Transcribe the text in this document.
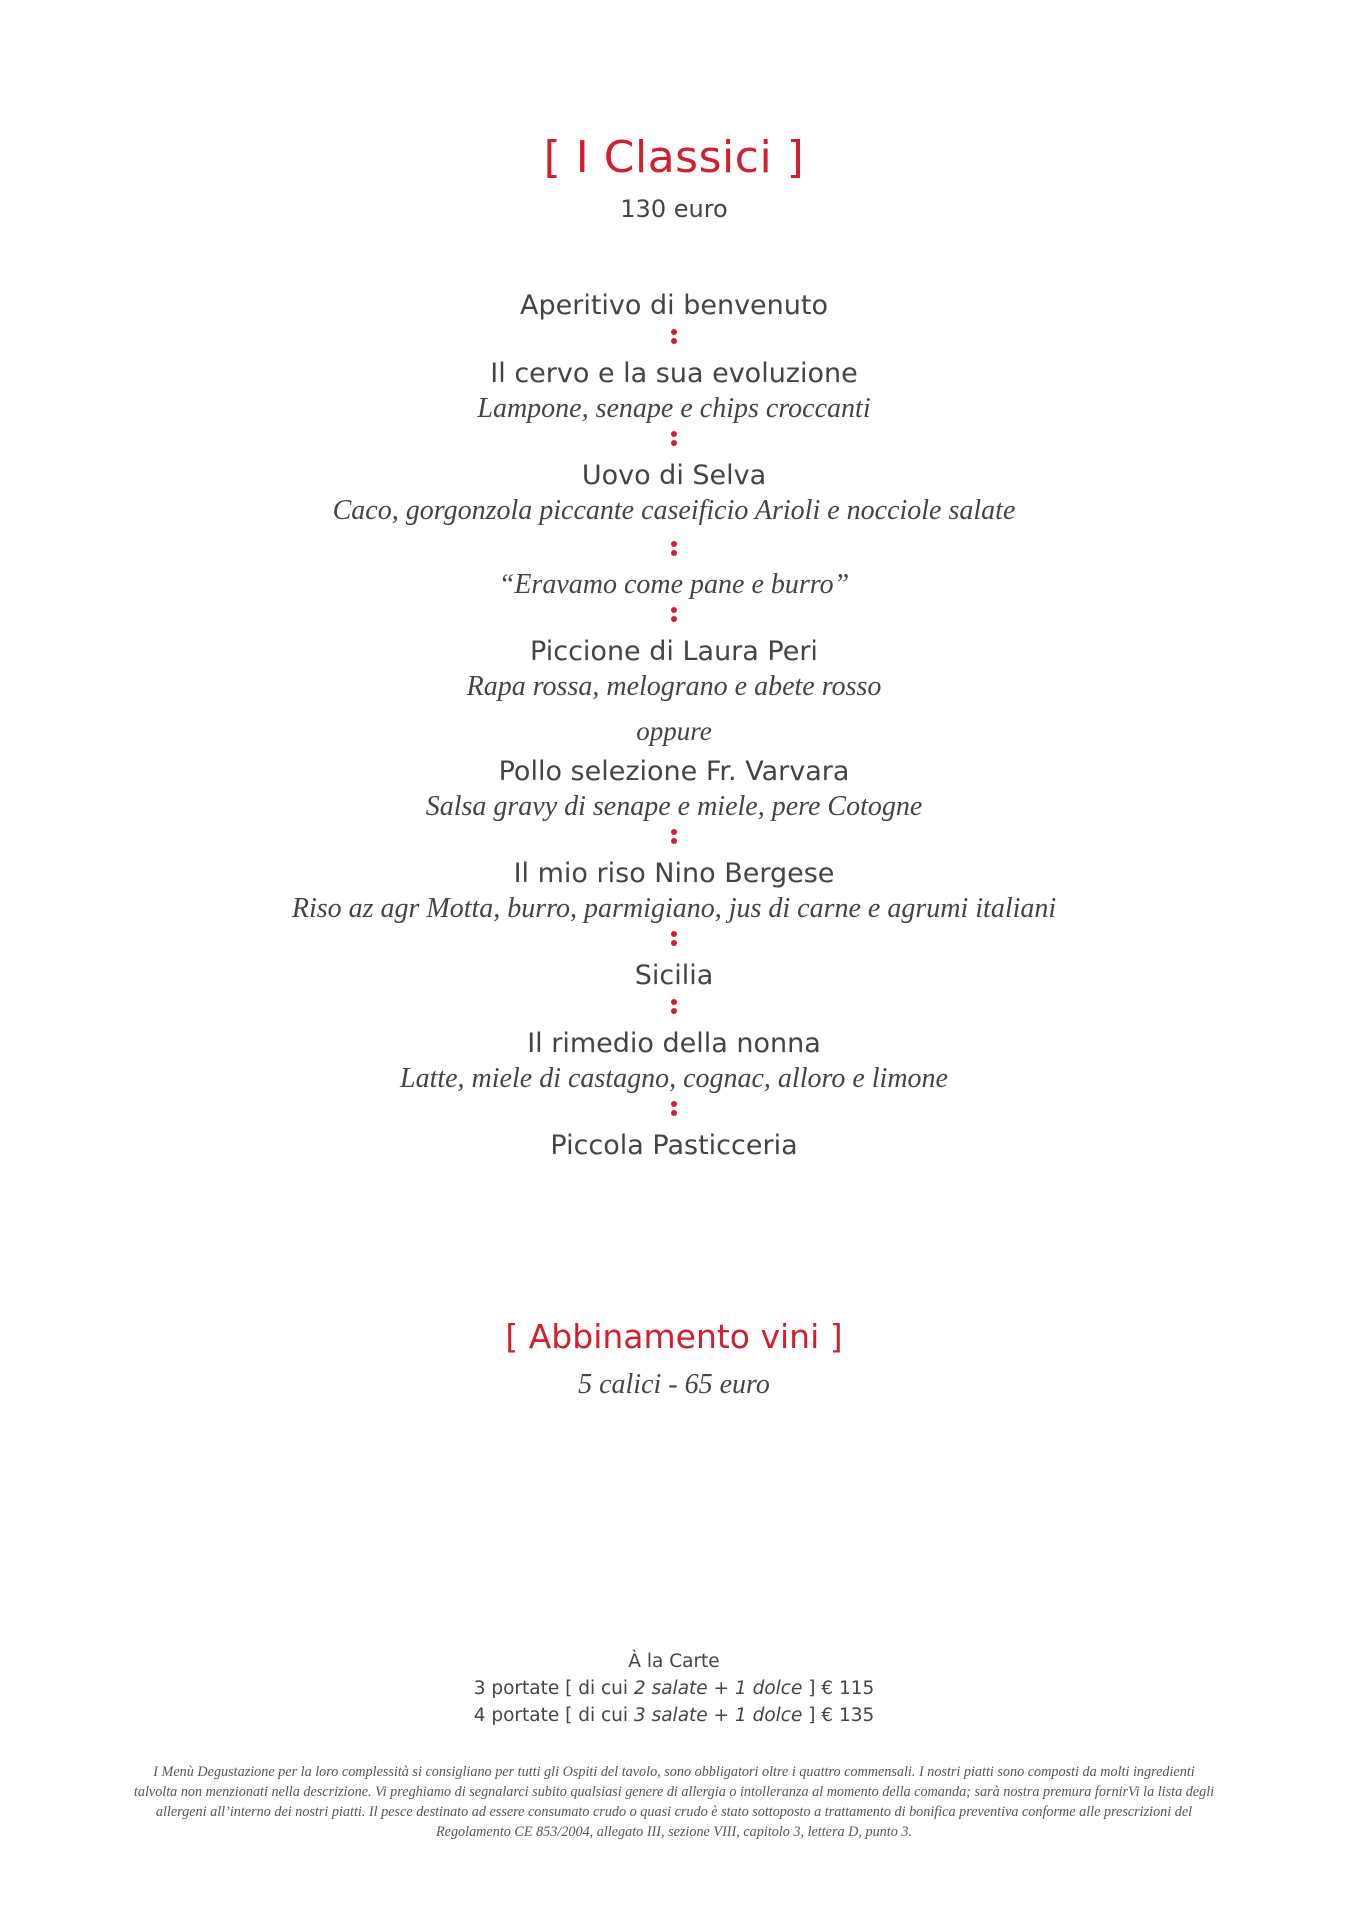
[ I Classici ]
130 euro

Aperitivo di benvenuto

Il cervo e la sua evoluzione

Lampone, senape e chips croccanti

Uovo di Selva

Caco, gorgonzola piccante caseificio Arioli e nocciole salate

“Eravamo come pane e burro”

Piccione di Laura Peri

Rapa rossa, melograno e abete rosso

oppure

Pollo selezione Fr. Varvara

Salsa gravy di senape e miele, pere Cotogne

Il mio riso Nino Bergese

Riso az agr Motta, burro, parmigiano, jus di carne e agrumi italiani

Sicilia

Il rimedio della nonna

Latte, miele di castagno, cognac, alloro e limone

Piccola Pasticceria

[ Abbinamento vini ]
5 calici - 65 euro
À la Carte
3 portate [ di cui 2 salate + 1 dolce ] € 115
4 portate [ di cui 3 salate + 1 dolce ] € 135
I Menù Degustazione per la loro complessità si consigliano per tutti gli Ospiti del tavolo, sono obbligatori oltre i quattro commensali. I nostri piatti sono composti da molti ingredienti talvolta non menzionati nella descrizione. Vi preghiamo di segnalarci subito qualsiasi genere di allergia o intolleranza al momento della comanda; sarà nostra premura fornirVi la lista degli allergeni all’interno dei nostri piatti. Il pesce destinato ad essere consumato crudo o quasi crudo è stato sottoposto a trattamento di bonifica preventiva conforme alle prescrizioni del Regolamento CE 853/2004, allegato III, sezione VIII, capitolo 3, lettera D, punto 3.
